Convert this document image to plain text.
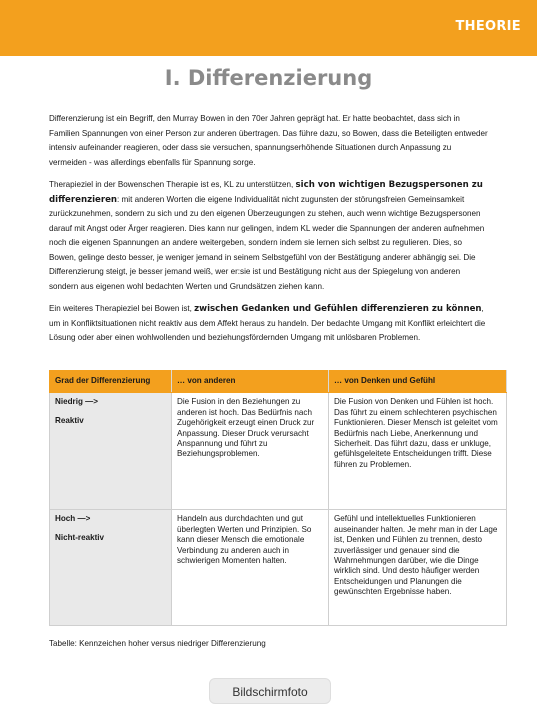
THEORIE
I. Differenzierung

Differenzierung ist ein Begriff, den Murray Bowen in den 70er Jahren geprägt hat. Er hatte beobachtet, dass sich in Familien Spannungen von einer Person zur anderen übertragen. Das führe dazu, so Bowen, dass die Beteiligten entweder intensiv aufeinander reagieren, oder dass sie versuchen, spannungserhöhende Situationen durch Anpassung zu vermeiden - was allerdings ebenfalls für Spannung sorge.

Therapieziel in der Bowenschen Therapie ist es, KL zu unterstützen, sich von wichtigen Bezugspersonen zu differenzieren: mit anderen Worten die eigene Individualität nicht zugunsten der störungsfreien Gemeinsamkeit zurückzunehmen, sondern zu sich und zu den eigenen Überzeugungen zu stehen, auch wenn wichtige Bezugspersonen darauf mit Angst oder Ärger reagieren. Dies kann nur gelingen, indem KL weder die Spannungen der anderen aufnehmen noch die eigenen Spannungen an andere weitergeben, sondern indem sie lernen sich selbst zu regulieren. Dies, so Bowen, gelinge desto besser, je weniger jemand in seinem Selbstgefühl von der Bestätigung anderer abhängig sei. Die Differenzierung steigt, je besser jemand weiß, wer er:sie ist und Bestätigung nicht aus der Spiegelung von anderen sondern aus eigenen wohl bedachten Werten und Grundsätzen ziehen kann.

Ein weiteres Therapieziel bei Bowen ist, zwischen Gedanken und Gefühlen differenzieren zu können, um in Konfliktsituationen nicht reaktiv aus dem Affekt heraus zu handeln. Der bedachte Umgang mit Konflikt erleichtert die Lösung oder aber einen wohlwollenden und beziehungsfördernden Umgang mit unlösbaren Problemen.

Grad der Differenzierung	… von anderen	… von Denken und Gefühl

Niedrig —>
Reaktiv	Die Fusion in den Beziehungen zu anderen ist hoch. Das Bedürfnis nach Zugehörigkeit erzeugt einen Druck zur Anpassung. Dieser Druck verursacht Anspannung und führt zu Beziehungsproblemen.	Die Fusion von Denken und Fühlen ist hoch. Das führt zu einem schlechteren psychischen Funktionieren. Dieser Mensch ist geleitet vom Bedürfnis nach Liebe, Anerkennung und Sicherheit. Das führt dazu, dass er unkluge, gefühlsgeleitete Entscheidungen trifft. Diese führen zu Problemen.

Hoch —>
Nicht-reaktiv	Handeln aus durchdachten und gut überlegten Werten und Prinzipien. So kann dieser Mensch die emotionale Verbindung zu anderen auch in schwierigen Momenten halten.	Gefühl und intellektuelles Funktionieren auseinander halten. Je mehr man in der Lage ist, Denken und Fühlen zu trennen, desto zuverlässiger und genauer sind die Wahrnehmungen darüber, wie die Dinge wirklich sind. Und desto häufiger werden Entscheidungen und Planungen die gewünschten Ergebnisse haben.
Tabelle: Kennzeichen hoher versus niedriger Differenzierung
Bildschirmfoto
